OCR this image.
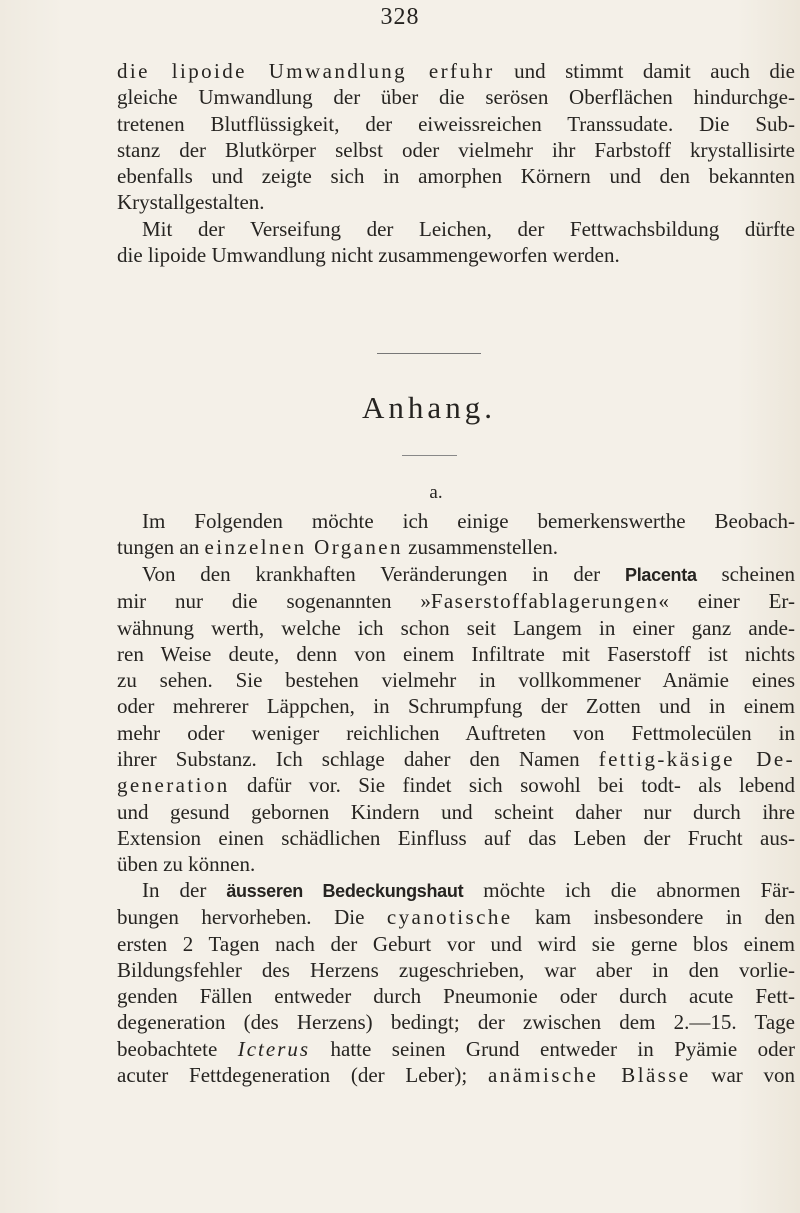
328
die lipoide Umwandlung erfuhr und stimmt damit auch die
gleiche Umwandlung der über die serösen Oberflächen hindurchge-
tretenen Blutflüssigkeit, der eiweissreichen Transsudate. Die Sub-
stanz der Blutkörper selbst oder vielmehr ihr Farbstoff krystallisirte
ebenfalls und zeigte sich in amorphen Körnern und den bekannten
Krystallgestalten.
Mit der Verseifung der Leichen, der Fettwachsbildung dürfte
die lipoide Umwandlung nicht zusammengeworfen werden.
Anhang.
a.
Im Folgenden möchte ich einige bemerkenswerthe Beobach-
tungen an einzelnen Organen zusammenstellen.
Von den krankhaften Veränderungen in der Placenta scheinen
mir nur die sogenannten »Faserstoffablagerungen« einer Er-
wähnung werth, welche ich schon seit Langem in einer ganz ande-
ren Weise deute, denn von einem Infiltrate mit Faserstoff ist nichts
zu sehen. Sie bestehen vielmehr in vollkommener Anämie eines
oder mehrerer Läppchen, in Schrumpfung der Zotten und in einem
mehr oder weniger reichlichen Auftreten von Fettmolecülen in
ihrer Substanz. Ich schlage daher den Namen fettig-käsige De-
generation dafür vor. Sie findet sich sowohl bei todt- als lebend
und gesund gebornen Kindern und scheint daher nur durch ihre
Extension einen schädlichen Einfluss auf das Leben der Frucht aus-
üben zu können.
In der äusseren Bedeckungshaut möchte ich die abnormen Fär-
bungen hervorheben. Die cyanotische kam insbesondere in den
ersten 2 Tagen nach der Geburt vor und wird sie gerne blos einem
Bildungsfehler des Herzens zugeschrieben, war aber in den vorlie-
genden Fällen entweder durch Pneumonie oder durch acute Fett-
degeneration (des Herzens) bedingt; der zwischen dem 2.—15. Tage
beobachtete Icterus hatte seinen Grund entweder in Pyämie oder
acuter Fettdegeneration (der Leber); anämische Blässe war von
